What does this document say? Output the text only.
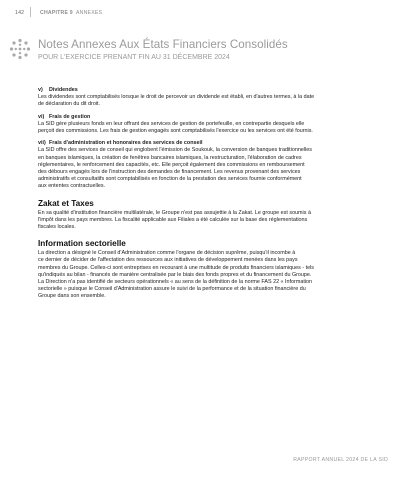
142	CHAPITRE 9 ANNEXES
Notes Annexes Aux États Financiers Consolidés
POUR L'EXERCICE PRENANT FIN AU 31 DÉCEMBRE 2024
v)	Dividendes

Les dividendes sont comptabilisés lorsque le droit de percevoir un dividende est établi, en d'autres termes, à la date

de déclaration du dit droit.

vi) Frais de gestion

La SID gère plusieurs fonds en leur offrant des services de gestion de portefeuille, en contrepartie desquels elle

perçoit des commissions. Les frais de gestion engagés sont comptabilisés l'exercice ou les services ont été fournis.

vii) Frais d'administration et honoraires des services de conseil

La SID offre des services de conseil qui englobent l'émission de Soukouk, la conversion de banques traditionnelles

en banques islamiques, la création de fenêtres bancaires islamiques, la restructuration, l'élaboration de cadres

réglementaires, le renforcement des capacités, etc. Elle perçoit également des commissions en remboursement

des débours engagés lors de l'instruction des demandes de financement. Les revenus provenant des services

administratifs et consultatifs sont comptabilisés en fonction de la prestation des services fournie conformément

aux ententes contractuelles.

Zakat et Taxes

En sa qualité d'institution financière multilatérale, le Groupe n'est pas assujettie à la Zakat. Le groupe est soumis à

l'impôt dans les pays membres. La fiscalité applicable aux Filiales a été calculée sur la base des réglementations

fiscales locales.

Information sectorielle

La direction a désigné le Conseil d'Administration comme l'organe de décision suprême, puisqu'il incombe à

ce dernier de décider de l'affectation des ressources aux initiatives de développement menées dans les pays

membres du Groupe. Celles-ci sont entreprises en recourant à une multitude de produits financiers islamiques - tels

qu'indiqués au bilan - financés de manière centralisée par le biais des fonds propres et du financement du Groupe.

La Direction n'a pas identifié de secteurs opérationnels « au sens de la définition de la norme FAS 22 « Information

sectorielle » puisque le Conseil d'Administration assure le suivi de la performance et de la situation financière du

Groupe dans son ensemble.

RAPPORT ANNUEL 2024 DE LA SID
